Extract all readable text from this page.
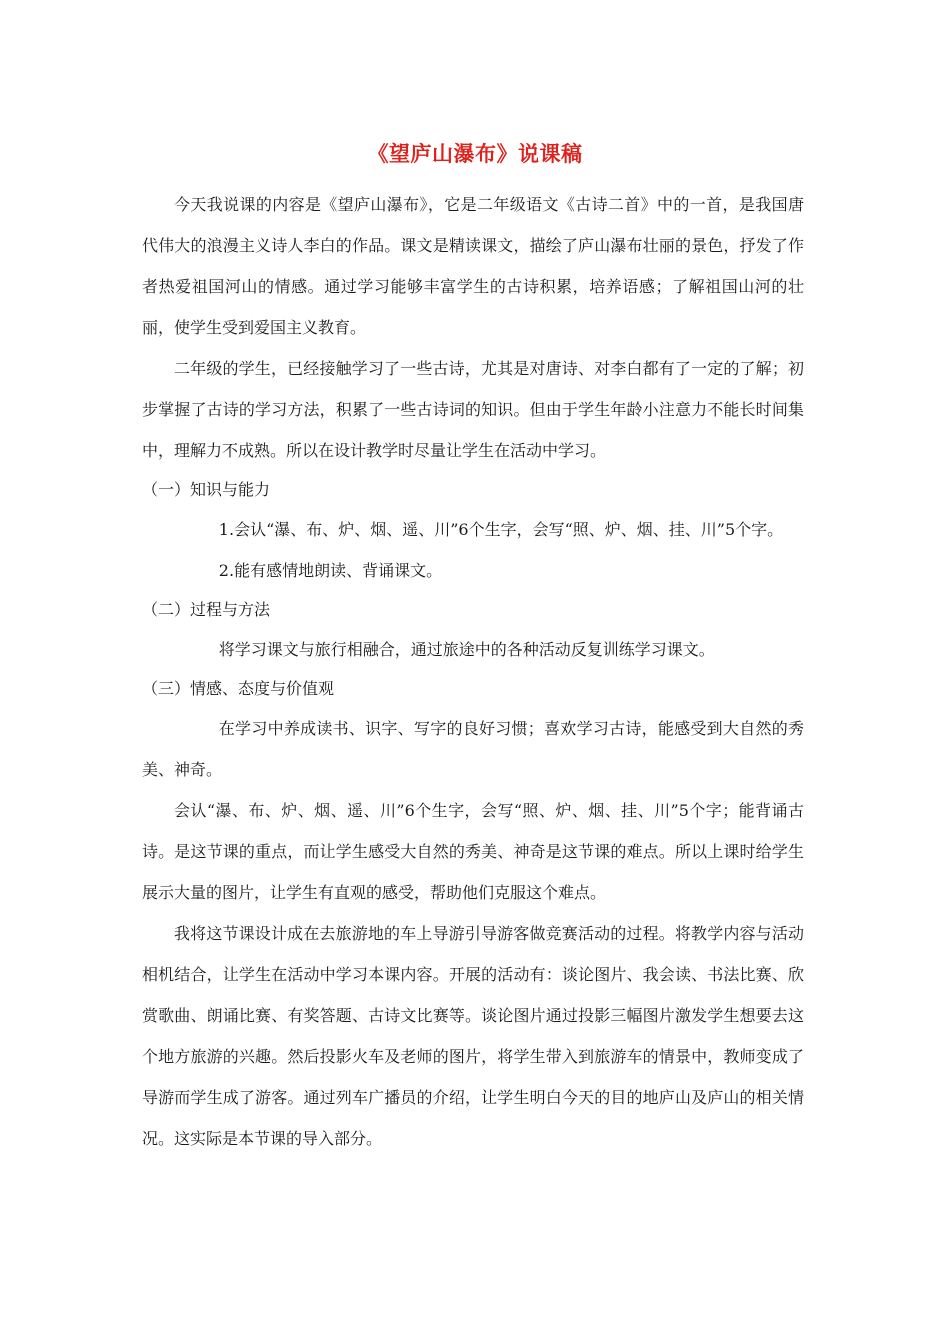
《望庐山瀑布》说课稿

今天我说课的内容是《望庐山瀑布》，它是二年级语文《古诗二首》中的一首，是我国唐代伟大的浪漫主义诗人李白的作品。课文是精读课文，描绘了庐山瀑布壮丽的景色，抒发了作者热爱祖国河山的情感。通过学习能够丰富学生的古诗积累，培养语感；了解祖国山河的壮丽，使学生受到爱国主义教育。

二年级的学生，已经接触学习了一些古诗，尤其是对唐诗、对李白都有了一定的了解；初步掌握了古诗的学习方法，积累了一些古诗词的知识。但由于学生年龄小注意力不能长时间集中，理解力不成熟。所以在设计教学时尽量让学生在活动中学习。

（一）知识与能力

1.会认“瀑、布、炉、烟、遥、川”6个生字，会写“照、炉、烟、挂、川”5个字。

2.能有感情地朗读、背诵课文。

（二）过程与方法

将学习课文与旅行相融合，通过旅途中的各种活动反复训练学习课文。

（三）情感、态度与价值观

在学习中养成读书、识字、写字的良好习惯；喜欢学习古诗，能感受到大自然的秀美、神奇。

会认“瀑、布、炉、烟、遥、川”6个生字，会写“照、炉、烟、挂、川”5个字；能背诵古诗。是这节课的重点，而让学生感受大自然的秀美、神奇是这节课的难点。所以上课时给学生展示大量的图片，让学生有直观的感受，帮助他们克服这个难点。

我将这节课设计成在去旅游地的车上导游引导游客做竞赛活动的过程。将教学内容与活动相机结合，让学生在活动中学习本课内容。开展的活动有：谈论图片、我会读、书法比赛、欣赏歌曲、朗诵比赛、有奖答题、古诗文比赛等。谈论图片通过投影三幅图片激发学生想要去这个地方旅游的兴趣。然后投影火车及老师的图片，将学生带入到旅游车的情景中，教师变成了导游而学生成了游客。通过列车广播员的介绍，让学生明白今天的目的地庐山及庐山的相关情况。这实际是本节课的导入部分。
